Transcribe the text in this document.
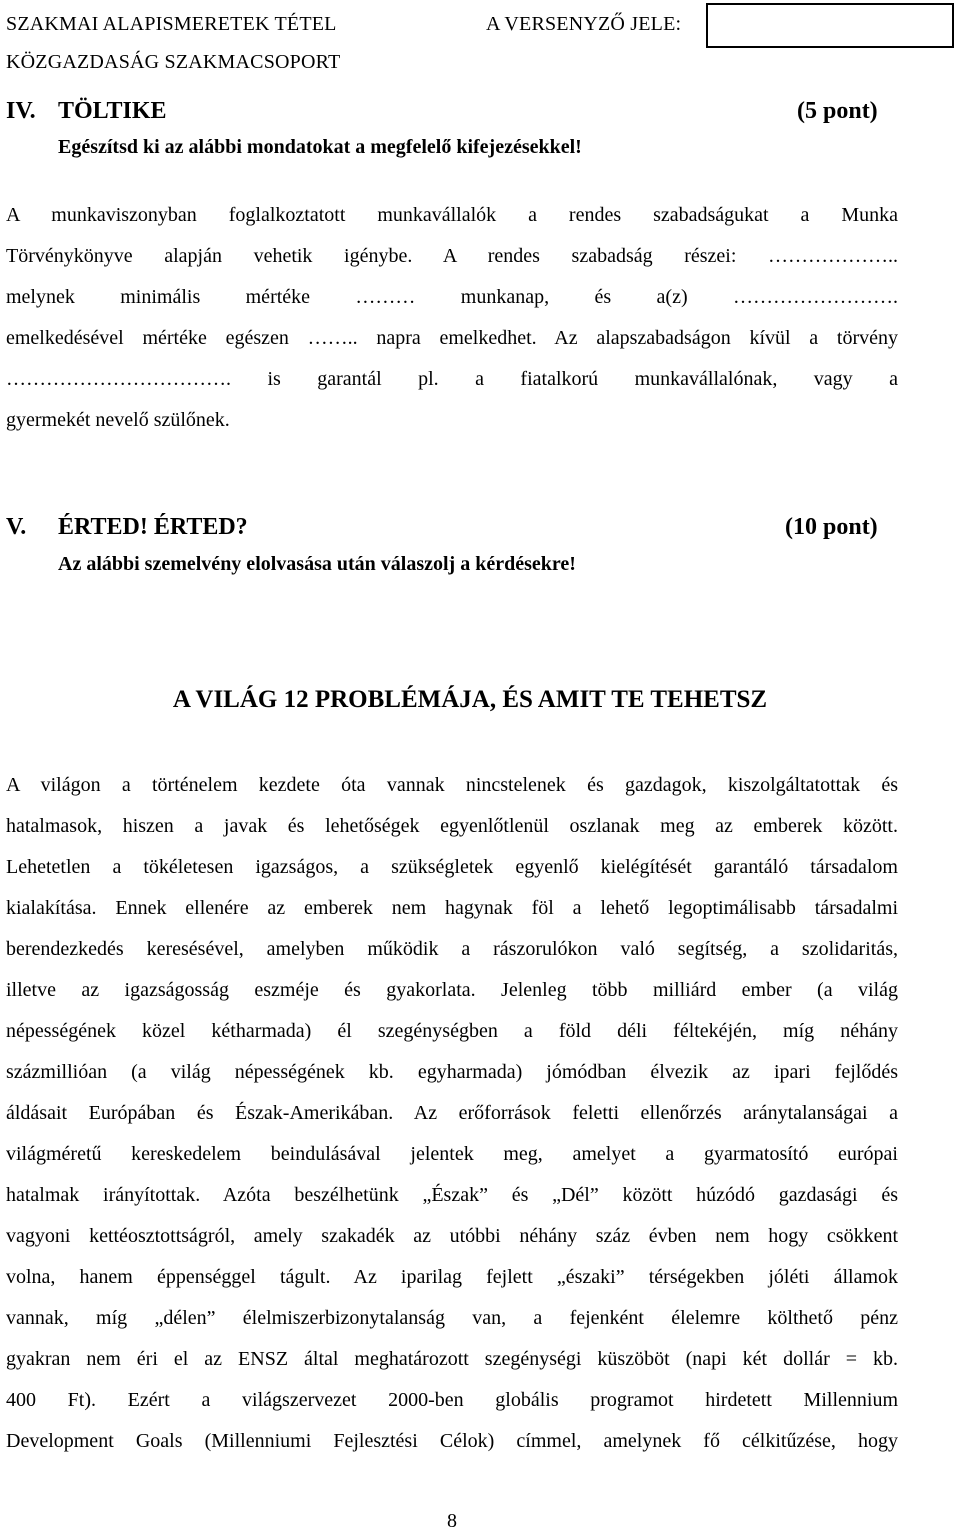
SZAKMAI ALAPISMERETEK TÉTEL
KÖZGAZDASÁG SZAKMACSOPORT
A VERSENYZŐ JELE:
IV. TÖLTIKE	(5 pont)
Egészítsd ki az alábbi mondatokat a megfelelő kifejezésekkel!
A munkaviszonyban foglalkoztatott munkavállalók a rendes szabadságukat a Munka
Törvénykönyve alapján vehetik igénybe. A rendes szabadság részei: ………………..
melynek minimális mértéke ……… munkanap, és a(z) …………………….
emelkedésével mértéke egészen …….. napra emelkedhet. Az alapszabadságon kívül a törvény
……………………………. is garantál pl. a fiatalkorú munkavállalónak, vagy a
gyermekét nevelő szülőnek.
V. ÉRTED! ÉRTED?	(10 pont)
Az alábbi szemelvény elolvasása után válaszolj a kérdésekre!
A VILÁG 12 PROBLÉMÁJA, ÉS AMIT TE TEHETSZ
A világon a történelem kezdete óta vannak nincstelenek és gazdagok, kiszolgáltatottak és
hatalmasok, hiszen a javak és lehetőségek egyenlőtlenül oszlanak meg az emberek között.
Lehetetlen a tökéletesen igazságos, a szükségletek egyenlő kielégítését garantáló társadalom
kialakítása. Ennek ellenére az emberek nem hagynak föl a lehető legoptimálisabb társadalmi
berendezkedés keresésével, amelyben működik a rászorulókon való segítség, a szolidaritás,
illetve az igazságosság eszméje és gyakorlata. Jelenleg több milliárd ember (a világ
népességének közel kétharmada) él szegénységben a föld déli féltekéjén, míg néhány
százmillióan (a világ népességének kb. egyharmada) jómódban élvezik az ipari fejlődés
áldásait Európában és Észak-Amerikában. Az erőforrások feletti ellenőrzés aránytalanságai a
világméretű kereskedelem beindulásával jelentek meg, amelyet a gyarmatosító európai
hatalmak irányítottak. Azóta beszélhetünk „Észak” és „Dél” között húzódó gazdasági és
vagyoni kettéosztottságról, amely szakadék az utóbbi néhány száz évben nem hogy csökkent
volna, hanem éppenséggel tágult. Az iparilag fejlett „északi” térségekben jóléti államok
vannak, míg „délen” élelmiszerbizonytalanság van, a fejenként élelemre költhető pénz
gyakran nem éri el az ENSZ által meghatározott szegénységi küszöböt (napi két dollár = kb.
400 Ft). Ezért a világszervezet 2000-ben globális programot hirdetett Millennium
Development Goals (Millenniumi Fejlesztési Célok) címmel, amelynek fő célkitűzése, hogy
8
